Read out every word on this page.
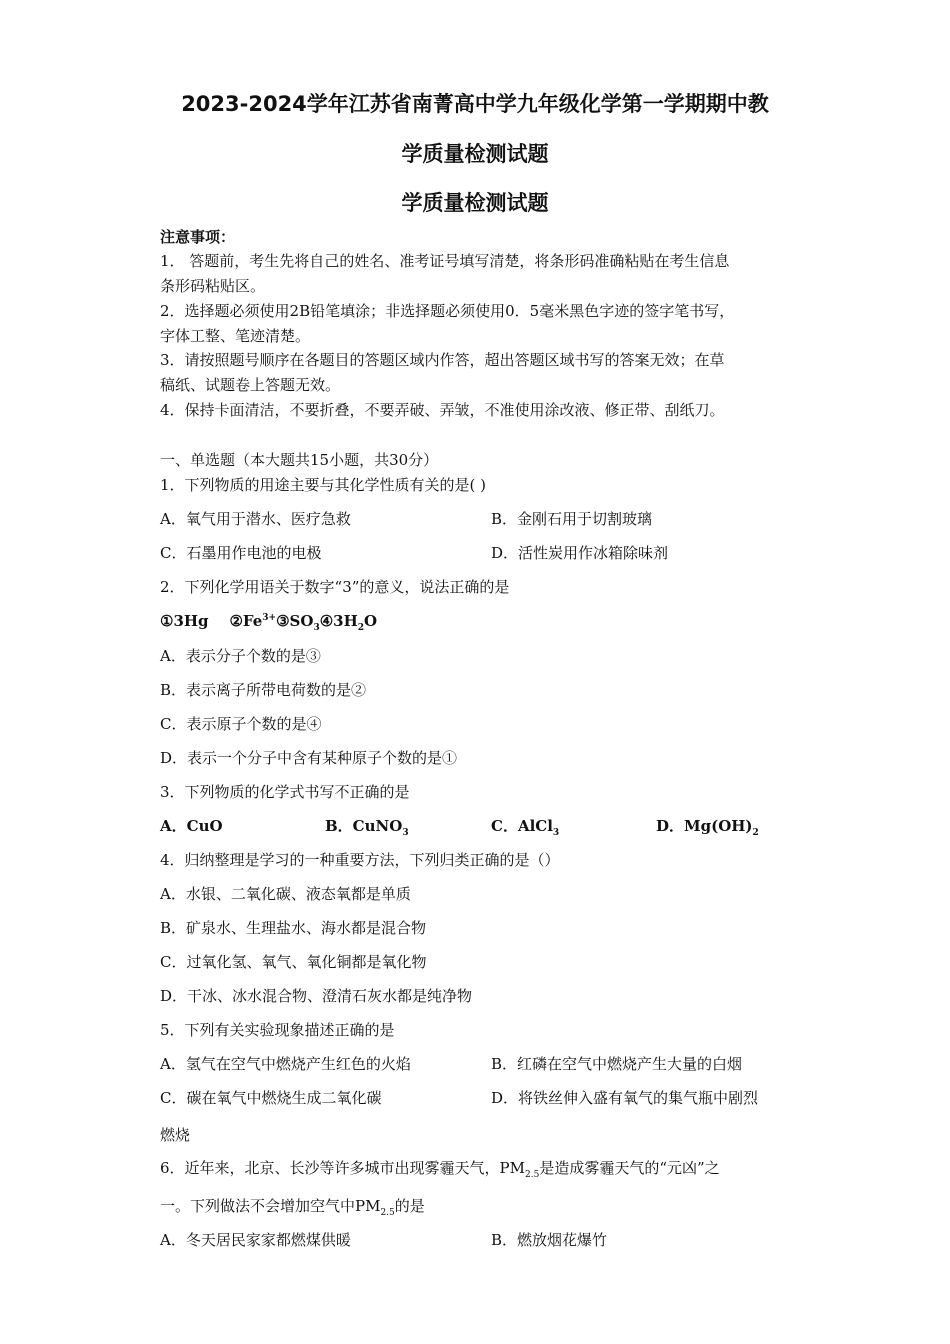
2023-2024学年江苏省南菁高中学九年级化学第一学期期中教
学质量检测试题
学质量检测试题
注意事项：
1． 答题前，考生先将自己的姓名、准考证号填写清楚，将条形码准确粘贴在考生信息
条形码粘贴区。
2．选择题必须使用2B铅笔填涂；非选择题必须使用0．5毫米黑色字迹的签字笔书写，
字体工整、笔迹清楚。
3．请按照题号顺序在各题目的答题区域内作答，超出答题区域书写的答案无效；在草
稿纸、试题卷上答题无效。
4．保持卡面清洁，不要折叠，不要弄破、弄皱，不准使用涂改液、修正带、刮纸刀。
一、单选题（本大题共15小题，共30分）
1．下列物质的用途主要与其化学性质有关的是( )
A．氧气用于潜水、医疗急救	B．金刚石用于切割玻璃
C．石墨用作电池的电极	D．活性炭用作冰箱除味剂
2．下列化学用语关于数字“3”的意义，说法正确的是
①3Hg $②Fe^{3+}③SO_3④3H_2O$
A．表示分子个数的是③
B．表示离子所带电荷数的是②
C．表示原子个数的是④
D．表示一个分子中含有某种原子个数的是①
3．下列物质的化学式书写不正确的是
A．CuO	B．CuNO$_3$	C．AlCl$_3$	D．$Mg(OH)_2$
4．归纳整理是学习的一种重要方法，下列归类正确的是（）
A．水银、二氧化碳、液态氧都是单质
B．矿泉水、生理盐水、海水都是混合物
C．过氧化氢、氧气、氧化铜都是氧化物
D．干冰、冰水混合物、澄清石灰水都是纯净物
5．下列有关实验现象描述正确的是
A．氢气在空气中燃烧产生红色的火焰	B．红磷在空气中燃烧产生大量的白烟
C．碳在氧气中燃烧生成二氧化碳	D．将铁丝伸入盛有氧气的集气瓶中剧烈
燃烧
6．近年来，北京、长沙等许多城市出现雾霾天气，$PM_{2.5}$是造成雾霾天气的“元凶”之
一。下列做法不会增加空气中$PM_{2.5}$的是
A．冬天居民家家都燃煤供暖	B．燃放烟花爆竹
